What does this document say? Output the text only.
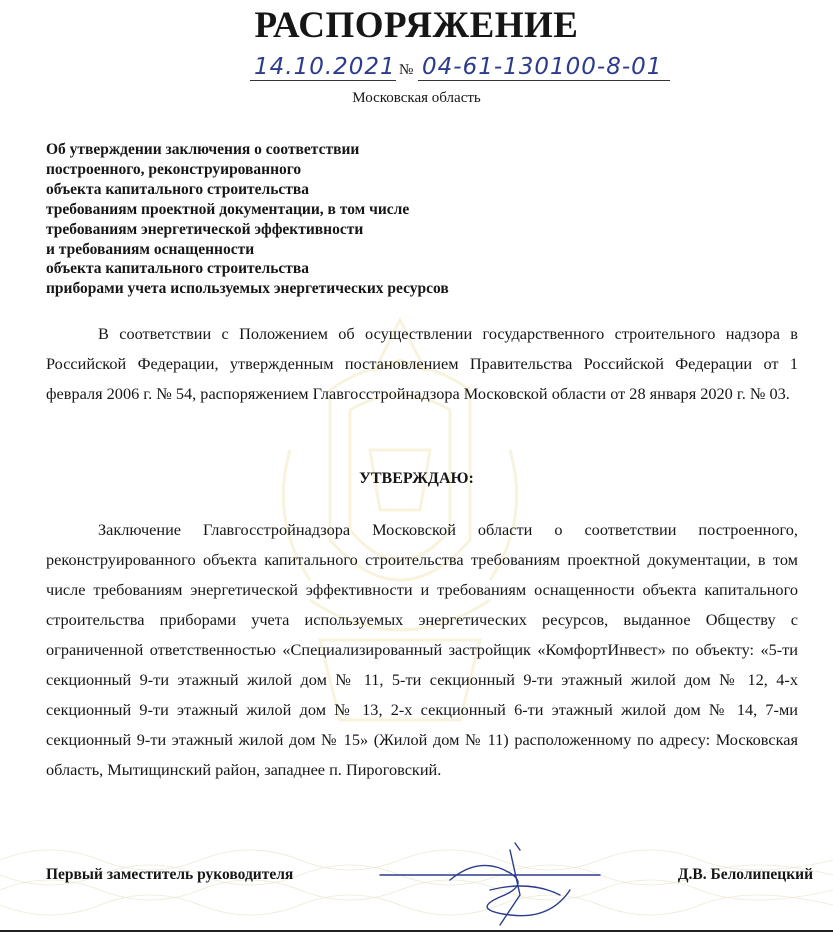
РАСПОРЯЖЕНИЕ
14.10.2021 № 04-61-130100-8-01
Московская область
Об утверждении заключения о соответствии
построенного, реконструированного
объекта капитального строительства
требованиям проектной документации, в том числе
требованиям энергетической эффективности
и требованиям оснащенности
объекта капитального строительства
приборами учета используемых энергетических ресурсов
В соответствии с Положением об осуществлении государственного строительного надзора в Российской Федерации, утвержденным постановлением Правительства Российской Федерации от 1 февраля 2006 г. № 54, распоряжением Главгосстройнадзора Московской области от 28 января 2020 г. № 03.
УТВЕРЖДАЮ:
Заключение Главгосстройнадзора Московской области о соответствии построенного, реконструированного объекта капитального строительства требованиям проектной документации, в том числе требованиям энергетической эффективности и требованиям оснащенности объекта капитального строительства приборами учета используемых энергетических ресурсов, выданное Обществу с ограниченной ответственностью «Специализированный застройщик «КомфортИнвест» по объекту: «5-ти секционный 9-ти этажный жилой дом № 11, 5-ти секционный 9-ти этажный жилой дом № 12, 4-х секционный 9-ти этажный жилой дом № 13, 2-х секционный 6-ти этажный жилой дом № 14, 7-ми секционный 9-ти этажный жилой дом № 15» (Жилой дом № 11) расположенному по адресу: Московская область, Мытищинский район, западнее п. Пироговский.
Первый заместитель руководителя	Д.В. Белолипецкий
